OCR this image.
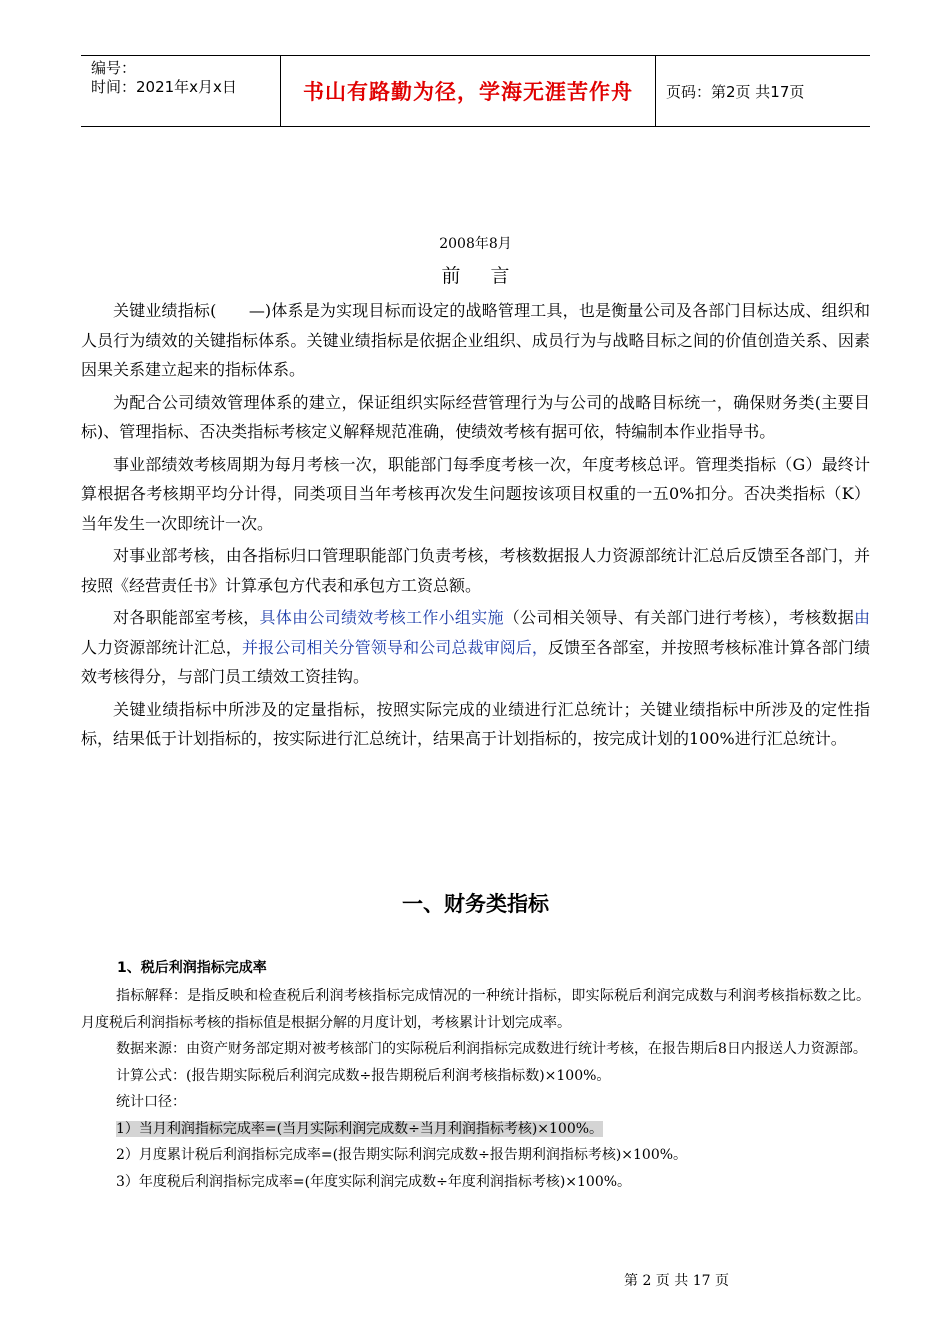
编号：
时间：2021年x月x日	书山有路勤为径，学海无涯苦作舟	页码：第2页 共17页
2008年8月
前言

关键业绩指标(　　—)体系是为实现目标而设定的战略管理工具，也是衡量公司及各部门目标达成、组织和人员行为绩效的关键指标体系。关键业绩指标是依据企业组织、成员行为与战略目标之间的价值创造关系、因素因果关系建立起来的指标体系。

为配合公司绩效管理体系的建立，保证组织实际经营管理行为与公司的战略目标统一，确保财务类(主要目标)、管理指标、否决类指标考核定义解释规范准确，使绩效考核有据可依，特编制本作业指导书。

事业部绩效考核周期为每月考核一次，职能部门每季度考核一次，年度考核总评。管理类指标（G）最终计算根据各考核期平均分计得，同类项目当年考核再次发生问题按该项目权重的一五0%扣分。否决类指标（K）当年发生一次即统计一次。

对事业部考核，由各指标归口管理职能部门负责考核，考核数据报人力资源部统计汇总后反馈至各部门，并按照《经营责任书》计算承包方代表和承包方工资总额。

对各职能部室考核，具体由公司绩效考核工作小组实施（公司相关领导、有关部门进行考核），考核数据由人力资源部统计汇总，并报公司相关分管领导和公司总裁审阅后，反馈至各部室，并按照考核标准计算各部门绩效考核得分，与部门员工绩效工资挂钩。

关键业绩指标中所涉及的定量指标，按照实际完成的业绩进行汇总统计；关键业绩指标中所涉及的定性指标，结果低于计划指标的，按实际进行汇总统计，结果高于计划指标的，按完成计划的100%进行汇总统计。

一、财务类指标
1、税后利润指标完成率

指标解释：是指反映和检查税后利润考核指标完成情况的一种统计指标，即实际税后利润完成数与利润考核指标数之比。月度税后利润指标考核的指标值是根据分解的月度计划，考核累计计划完成率。

数据来源：由资产财务部定期对被考核部门的实际税后利润指标完成数进行统计考核，在报告期后8日内报送人力资源部。

计算公式：(报告期实际税后利润完成数÷报告期税后利润考核指标数)×100%。
统计口径：
1）当月利润指标完成率=(当月实际利润完成数÷当月利润指标考核)×100%。
2）月度累计税后利润指标完成率=(报告期实际利润完成数÷报告期利润指标考核)×100%。
3）年度税后利润指标完成率=(年度实际利润完成数÷年度利润指标考核)×100%。
第 2 页 共 17 页
